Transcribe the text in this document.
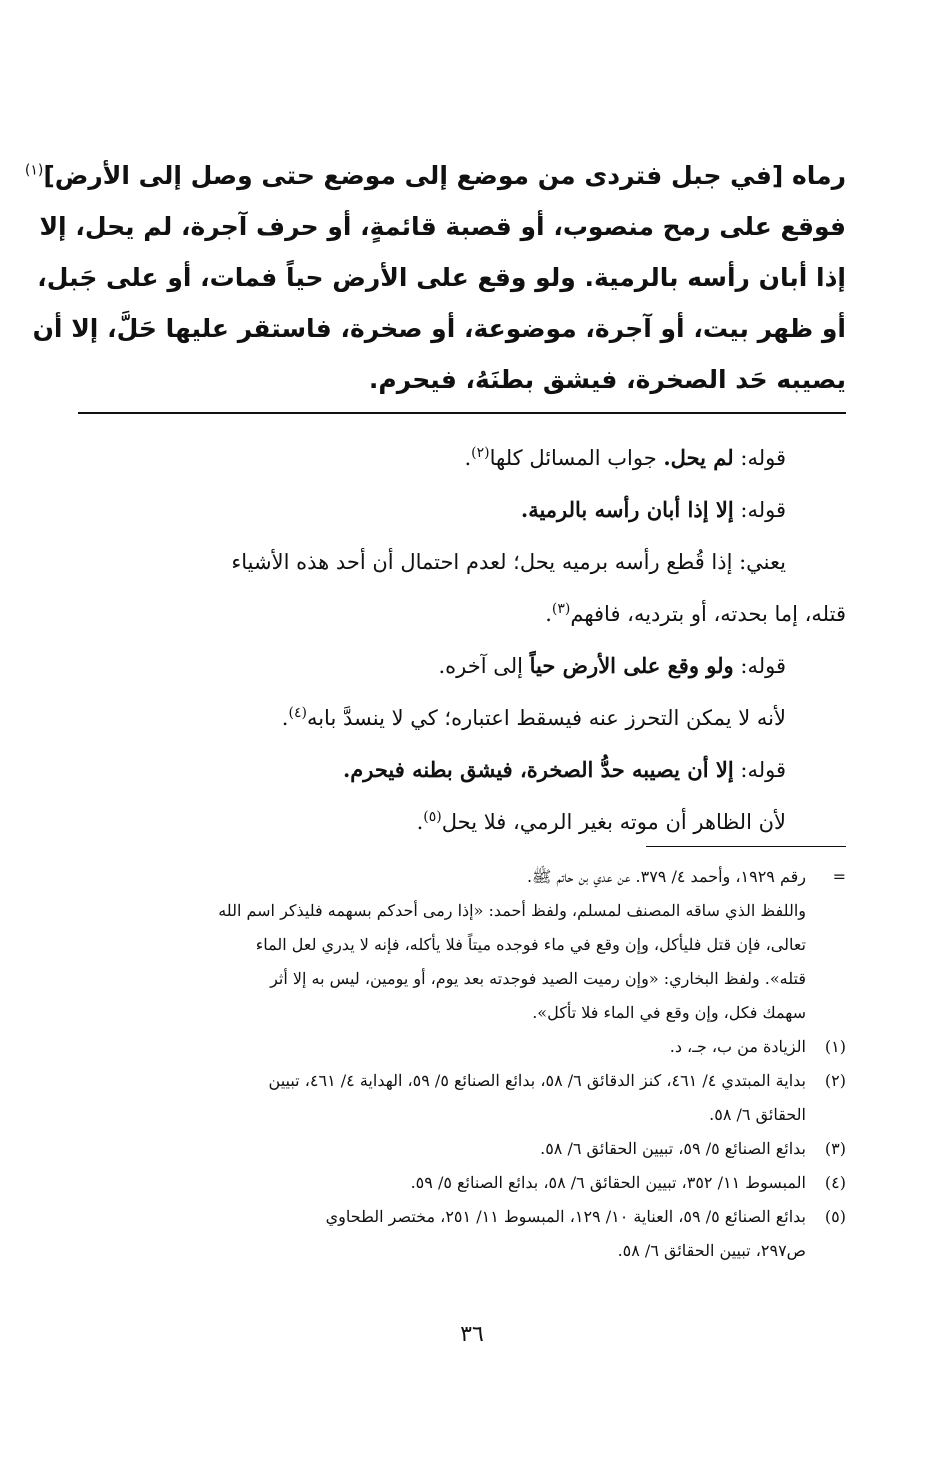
رماه [في جبل فتردى من موضع إلى موضع حتى وصل إلى الأرض]$^{(١)}$
فوقع على رمح منصوب، أو قصبة قائمةٍ، أو حرف آجرة، لم يحل، إلا
إذا أبان رأسه بالرمية. ولو وقع على الأرض حياً فمات، أو على جَبل،
أو ظهر بيت، أو آجرة، موضوعة، أو صخرة، فاستقر عليها حَلَّ، إلا أن
يصيبه حَد الصخرة، فيشق بطنَهُ، فيحرم.
قوله: لم يحل. جواب المسائل كلها$^{(٢)}$.
قوله: إلا إذا أبان رأسه بالرمية.
يعني: إذا قُطع رأسه برميه يحل؛ لعدم احتمال أن أحد هذه الأشياء
قتله، إما بحدته، أو بترديه، فافهم$^{(٣)}$.
قوله: ولو وقع على الأرض حياً إلى آخره.
لأنه لا يمكن التحرز عنه فيسقط اعتباره؛ كي لا ينسدَّ بابه$^{(٤)}$.
قوله: إلا أن يصيبه حدُّ الصخرة، فيشق بطنه فيحرم.
لأن الظاهر أن موته بغير الرمي، فلا يحل$^{(٥)}$.
=
رقم ١٩٢٩، وأحمد ٤/ ٣٧٩. عن عدي بن حاتم ﷺ.
واللفظ الذي ساقه المصنف لمسلم، ولفظ أحمد: «إذا رمى أحدكم بسهمه فليذكر اسم الله
تعالى، فإن قتل فليأكل، وإن وقع في ماء فوجده ميتاً فلا يأكله، فإنه لا يدري لعل الماء
قتله». ولفظ البخاري: «وإن رميت الصيد فوجدته بعد يوم، أو يومين، ليس به إلا أثر
سهمك فكل، وإن وقع في الماء فلا تأكل».
(١)
الزيادة من ب، جـ، د.
(٢)
بداية المبتدي ٤/ ٤٦١، كنز الدقائق ٦/ ٥٨، بدائع الصنائع ٥/ ٥٩، الهداية ٤/ ٤٦١، تبيين
الحقائق ٦/ ٥٨.
(٣)
بدائع الصنائع ٥/ ٥٩، تبيين الحقائق ٦/ ٥٨.
(٤)
المبسوط ١١/ ٣٥٢، تبيين الحقائق ٦/ ٥٨، بدائع الصنائع ٥/ ٥٩.
(٥)
بدائع الصنائع ٥/ ٥٩، العناية ١٠/ ١٢٩، المبسوط ١١/ ٢٥١، مختصر الطحاوي
ص٢٩٧، تبيين الحقائق ٦/ ٥٨.
٣٦
